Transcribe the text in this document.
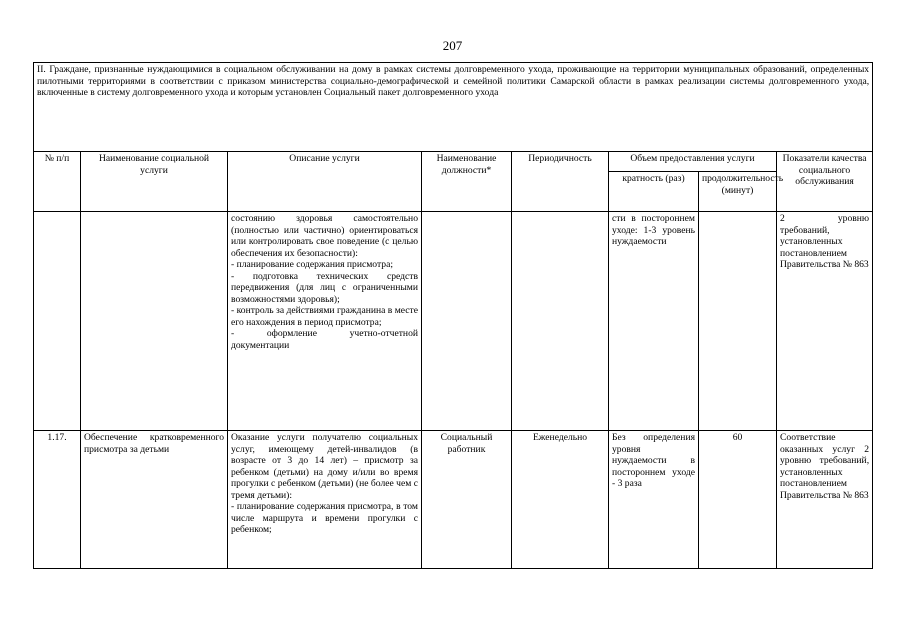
207
II. Граждане, признанные нуждающимися в социальном обслуживании на дому в рамках системы долговременного ухода, проживающие на территории муниципальных образований, определенных пилотными территориями в соответствии с приказом министерства социально-демографической и семейной политики Самарской области в рамках реализации системы долговременного ухода, включенные в систему долговременного ухода и которым установлен Социальный пакет долговременного ухода							
№ п/п	Наименование социальной услуги	Описание услуги	Наименование должности*	Периодичность	Объем предоставления услуги		Показатели качества социального обслуживания
					кратность (раз)	продолжительность (минут)	

		состоянию здоровья самостоятельно (полностью или частично) ориентироваться или контролировать свое поведение (с целью обеспечения их безопасности):
- планирование содержания присмотра;
- подготовка технических средств передвижения (для лиц с ограниченными возможностями здоровья);
- контроль за действиями гражданина в месте его нахождения в период присмотра;
- оформление учетно-отчетной документации			сти в постороннем уходе: 1-3 уровень нуждаемости		2 уровню требований, установленных постановлением Правительства № 863
1.17.	Обеспечение кратковременного присмотра за детьми	Оказание услуги получателю социальных услуг, имеющему детей-инвалидов (в возрасте от 3 до 14 лет) – присмотр за ребенком (детьми) на дому и/или во время прогулки с ребенком (детьми) (не более чем с тремя детьми):
- планирование содержания присмотра, в том числе маршрута и времени прогулки с ребенком;	Социальный работник	Еженедельно	Без определения уровня нуждаемости в постороннем уходе - 3 раза	60	Соответствие оказанных услуг 2 уровню требований, установленных постановлением Правительства № 863
